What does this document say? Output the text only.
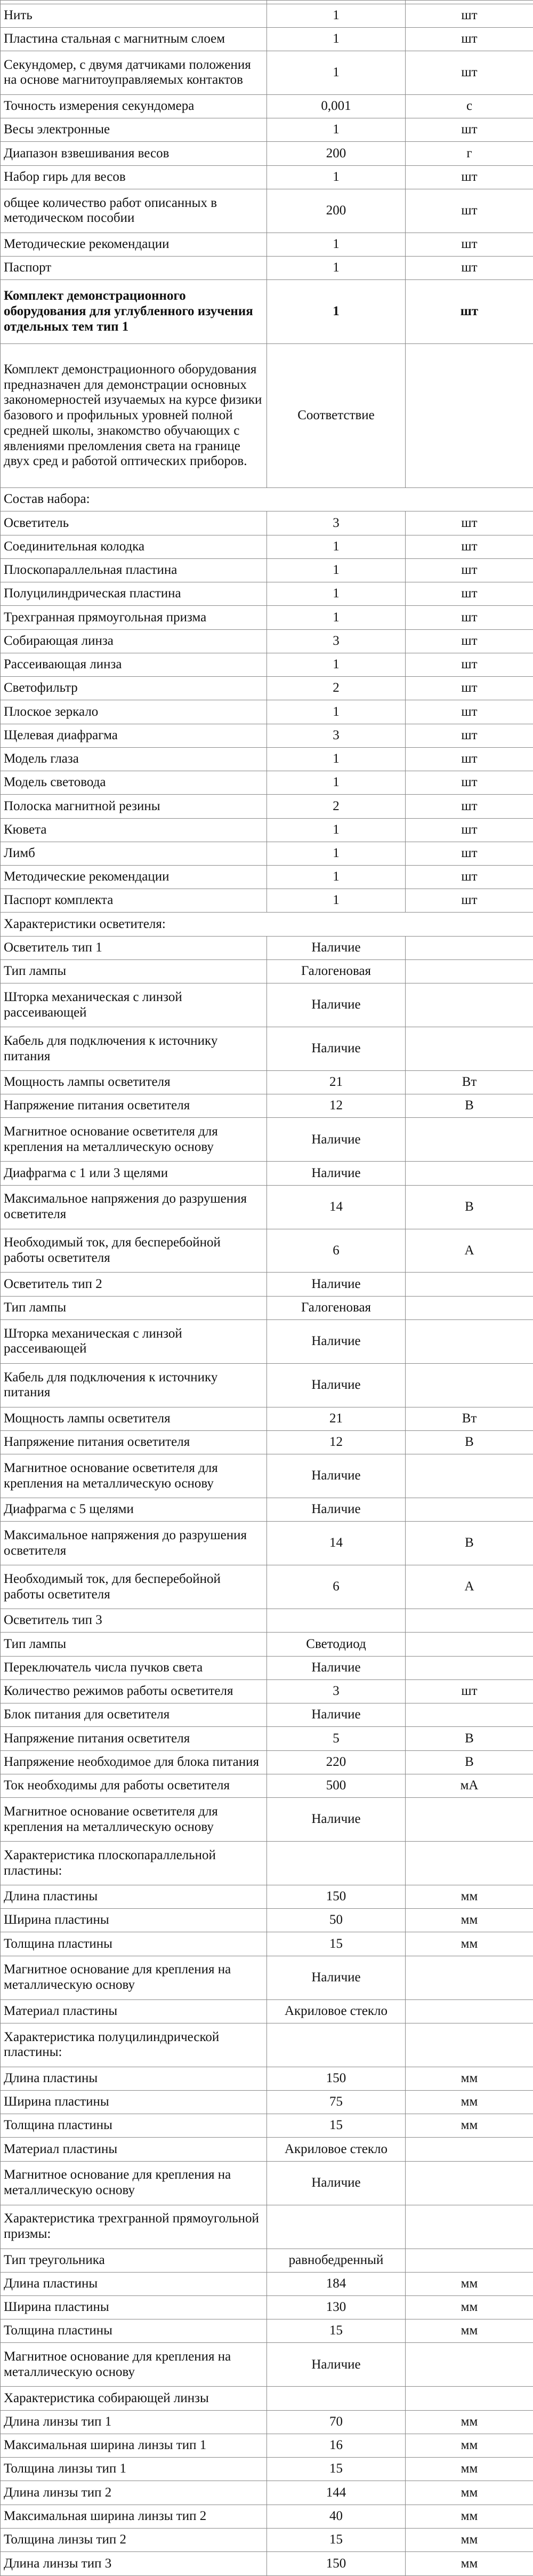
Нить	1	шт
Пластина стальная с магнитным слоем	1	шт
Секундомер, с двумя датчиками положения на основе магнитоуправляемых контактов	1	шт
Точность измерения секундомера	0,001	с
Весы электронные	1	шт
Диапазон взвешивания весов	200	г
Набор гирь для весов	1	шт
общее количество работ описанных в методическом пособии	200	шт
Методические рекомендации	1	шт
Паспорт	1	шт
Комплект демонстрационного оборудования для углубленного изучения отдельных тем тип 1	1	шт
Комплект демонстрационного оборудования предназначен для демонстрации основных закономерностей изучаемых на курсе физики базового и профильных уровней полной средней школы, знакомство обучающих с явлениями преломления света на границе двух сред и работой оптических приборов.	Соответствие	
Состав набора:		
Осветитель	3	шт
Соединительная колодка	1	шт
Плоскопараллельная пластина	1	шт
Полуцилиндрическая пластина	1	шт
Трехгранная прямоугольная призма	1	шт
Собирающая линза	3	шт
Рассеивающая линза	1	шт
Светофильтр	2	шт
Плоское зеркало	1	шт
Щелевая диафрагма	3	шт
Модель глаза	1	шт
Модель световода	1	шт
Полоска магнитной резины	2	шт
Кювета	1	шт
Лимб	1	шт
Методические рекомендации	1	шт
Паспорт комплекта	1	шт
Характеристики осветителя:		
Осветитель тип 1	Наличие	
Тип лампы	Галогеновая	
Шторка механическая с линзой рассеивающей	Наличие	
Кабель для подключения к источнику питания	Наличие	
Мощность лампы осветителя	21	Вт
Напряжение питания осветителя	12	В
Магнитное основание осветителя для крепления на металлическую основу	Наличие	
Диафрагма с 1 или 3 щелями	Наличие	
Максимальное напряжения до разрушения осветителя	14	В
Необходимый ток, для бесперебойной работы осветителя	6	А
Осветитель тип 2	Наличие	
Тип лампы	Галогеновая	
Шторка механическая с линзой рассеивающей	Наличие	
Кабель для подключения к источнику питания	Наличие	
Мощность лампы осветителя	21	Вт
Напряжение питания осветителя	12	В
Магнитное основание осветителя для крепления на металлическую основу	Наличие	
Диафрагма с 5 щелями	Наличие	
Максимальное напряжения до разрушения осветителя	14	В
Необходимый ток, для бесперебойной работы осветителя	6	А
Осветитель тип 3		
Тип лампы	Светодиод	
Переключатель числа пучков света	Наличие	
Количество режимов работы осветителя	3	шт
Блок питания для осветителя	Наличие	
Напряжение питания осветителя	5	В
Напряжение необходимое для блока питания	220	В
Ток необходимы для работы осветителя	500	мА
Магнитное основание осветителя для крепления на металлическую основу	Наличие	
Характеристика плоскопараллельной пластины:		
Длина пластины	150	мм
Ширина пластины	50	мм
Толщина пластины	15	мм
Магнитное основание для крепления на металлическую основу	Наличие	
Материал пластины	Акриловое стекло	
Характеристика полуцилиндрической пластины:		
Длина пластины	150	мм
Ширина пластины	75	мм
Толщина пластины	15	мм
Материал пластины	Акриловое стекло	
Магнитное основание для крепления на металлическую основу	Наличие	
Характеристика трехгранной прямоугольной призмы:		
Тип треугольника	равнобедренный	
Длина пластины	184	мм
Ширина пластины	130	мм
Толщина пластины	15	мм
Магнитное основание для крепления на металлическую основу	Наличие	
Характеристика собирающей линзы		
Длина линзы тип 1	70	мм
Максимальная ширина линзы тип 1	16	мм
Толщина линзы тип 1	15	мм
Длина линзы тип 2	144	мм
Максимальная ширина линзы тип 2	40	мм
Толщина линзы тип 2	15	мм
Длина линзы тип 3	150	мм
